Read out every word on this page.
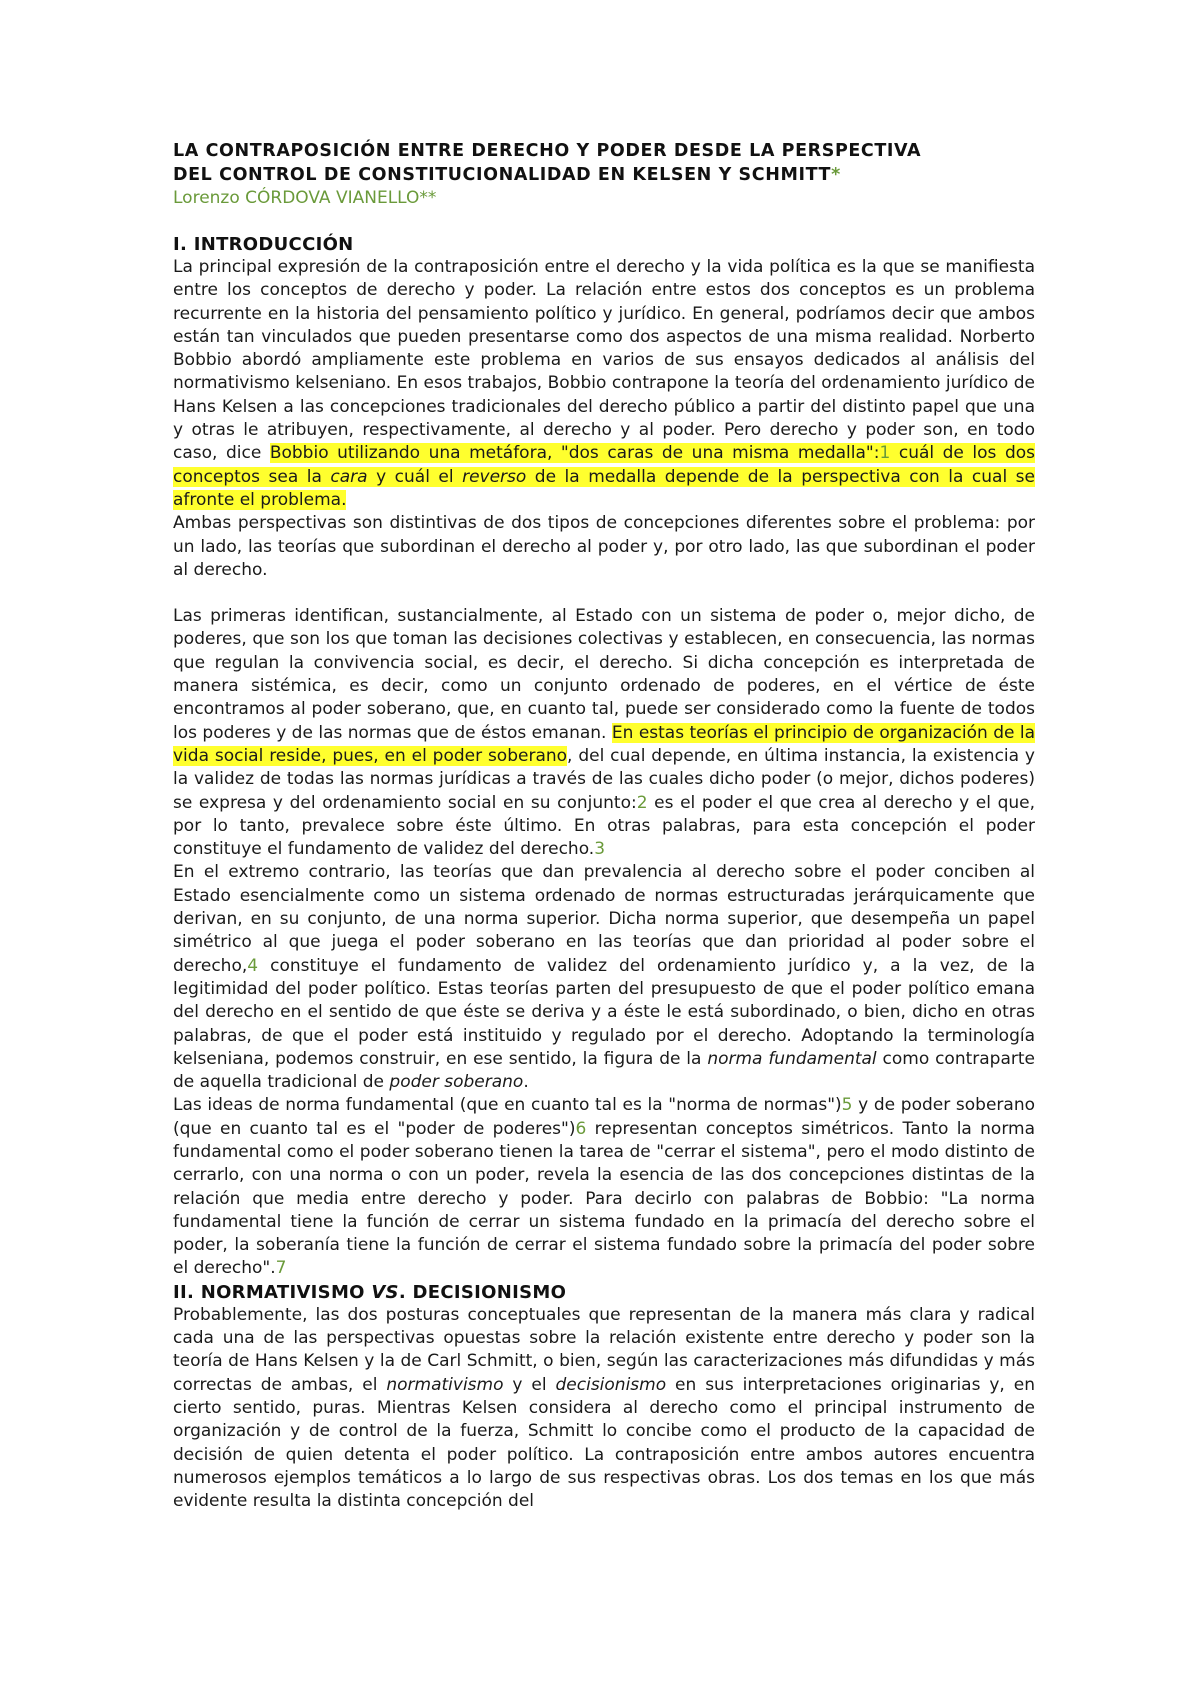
LA CONTRAPOSICIÓN ENTRE DERECHO Y PODER DESDE LA PERSPECTIVA
DEL CONTROL DE CONSTITUCIONALIDAD EN KELSEN Y SCHMITT*

Lorenzo CÓRDOVA VIANELLO**

I. INTRODUCCIÓN

La principal expresión de la contraposición entre el derecho y la vida política es la que se manifiesta entre los conceptos de derecho y poder. La relación entre estos dos conceptos es un problema recurrente en la historia del pensamiento político y jurídico. En general, podríamos decir que ambos están tan vinculados que pueden presentarse como dos aspectos de una misma realidad. Norberto Bobbio abordó ampliamente este problema en varios de sus ensayos dedicados al análisis del normativismo kelseniano. En esos trabajos, Bobbio contrapone la teoría del ordenamiento jurídico de Hans Kelsen a las concepciones tradicionales del derecho público a partir del distinto papel que una y otras le atribuyen, respectivamente, al derecho y al poder. Pero derecho y poder son, en todo caso, dice Bobbio utilizando una metáfora, "dos caras de una misma medalla":1 cuál de los dos conceptos sea la cara y cuál el reverso de la medalla depende de la perspectiva con la cual se afronte el problema.

Ambas perspectivas son distintivas de dos tipos de concepciones diferentes sobre el problema: por un lado, las teorías que subordinan el derecho al poder y, por otro lado, las que subordinan el poder al derecho.

Las primeras identifican, sustancialmente, al Estado con un sistema de poder o, mejor dicho, de poderes, que son los que toman las decisiones colectivas y establecen, en consecuencia, las normas que regulan la convivencia social, es decir, el derecho. Si dicha concepción es interpretada de manera sistémica, es decir, como un conjunto ordenado de poderes, en el vértice de éste encontramos al poder soberano, que, en cuanto tal, puede ser considerado como la fuente de todos los poderes y de las normas que de éstos emanan. En estas teorías el principio de organización de la vida social reside, pues, en el poder soberano, del cual depende, en última instancia, la existencia y la validez de todas las normas jurídicas a través de las cuales dicho poder (o mejor, dichos poderes) se expresa y del ordenamiento social en su conjunto:2 es el poder el que crea al derecho y el que, por lo tanto, prevalece sobre éste último. En otras palabras, para esta concepción el poder constituye el fundamento de validez del derecho.3

En el extremo contrario, las teorías que dan prevalencia al derecho sobre el poder conciben al Estado esencialmente como un sistema ordenado de normas estructuradas jerárquicamente que derivan, en su conjunto, de una norma superior. Dicha norma superior, que desempeña un papel simétrico al que juega el poder soberano en las teorías que dan prioridad al poder sobre el derecho,4 constituye el fundamento de validez del ordenamiento jurídico y, a la vez, de la legitimidad del poder político. Estas teorías parten del presupuesto de que el poder político emana del derecho en el sentido de que éste se deriva y a éste le está subordinado, o bien, dicho en otras palabras, de que el poder está instituido y regulado por el derecho. Adoptando la terminología kelseniana, podemos construir, en ese sentido, la figura de la norma fundamental como contraparte de aquella tradicional de poder soberano.

Las ideas de norma fundamental (que en cuanto tal es la "norma de normas")5 y de poder soberano (que en cuanto tal es el "poder de poderes")6 representan conceptos simétricos. Tanto la norma fundamental como el poder soberano tienen la tarea de "cerrar el sistema", pero el modo distinto de cerrarlo, con una norma o con un poder, revela la esencia de las dos concepciones distintas de la relación que media entre derecho y poder. Para decirlo con palabras de Bobbio: "La norma fundamental tiene la función de cerrar un sistema fundado en la primacía del derecho sobre el poder, la soberanía tiene la función de cerrar el sistema fundado sobre la primacía del poder sobre el derecho".7

II. NORMATIVISMO VS. DECISIONISMO

Probablemente, las dos posturas conceptuales que representan de la manera más clara y radical cada una de las perspectivas opuestas sobre la relación existente entre derecho y poder son la teoría de Hans Kelsen y la de Carl Schmitt, o bien, según las caracterizaciones más difundidas y más correctas de ambas, el normativismo y el decisionismo en sus interpretaciones originarias y, en cierto sentido, puras. Mientras Kelsen considera al derecho como el principal instrumento de organización y de control de la fuerza, Schmitt lo concibe como el producto de la capacidad de decisión de quien detenta el poder político. La contraposición entre ambos autores encuentra numerosos ejemplos temáticos a lo largo de sus respectivas obras. Los dos temas en los que más evidente resulta la distinta concepción del
